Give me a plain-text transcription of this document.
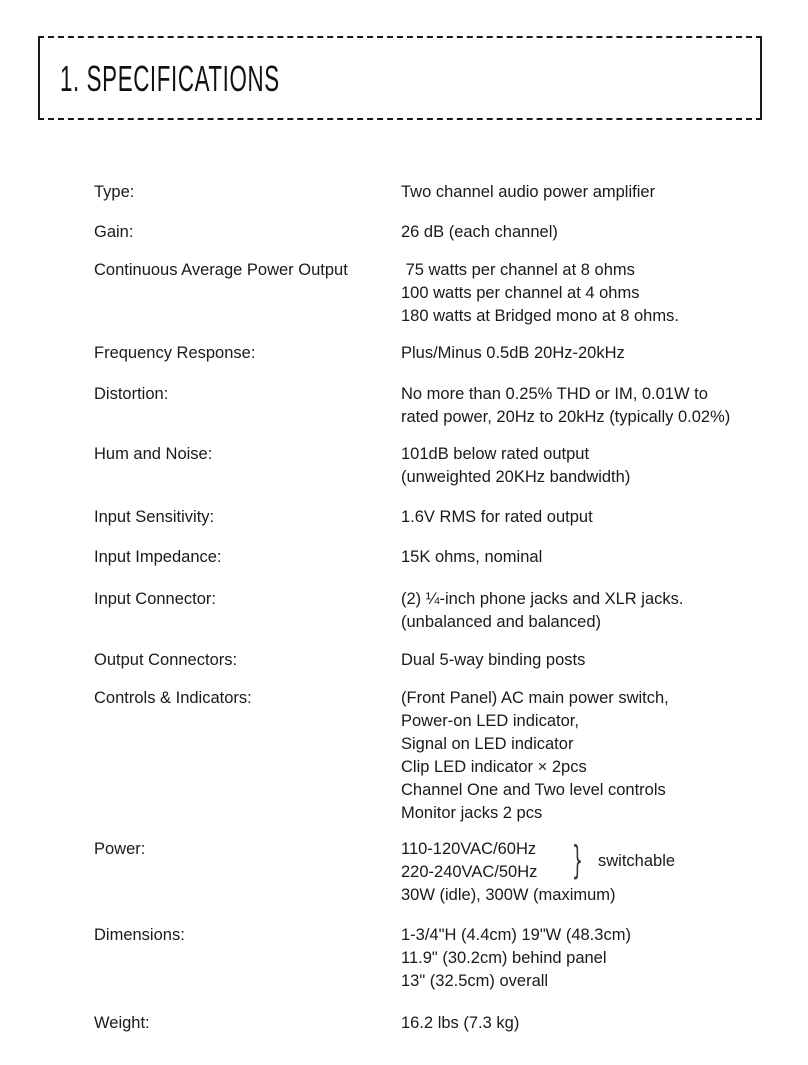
1. SPECIFICATIONS
Type:	Two channel audio power amplifier
Gain:	26 dB (each channel)
Continuous Average Power Output	75 watts per channel at 8 ohms
100 watts per channel at 4 ohms
180 watts at Bridged mono at 8 ohms.
Frequency Response:	Plus/Minus 0.5dB 20Hz-20kHz
Distortion:	No more than 0.25% THD or IM, 0.01W to
rated power, 20Hz to 20kHz (typically 0.02%)
Hum and Noise:	101dB below rated output
(unweighted 20KHz bandwidth)
Input Sensitivity:	1.6V RMS for rated output
Input Impedance:	15K ohms, nominal
Input Connector:	(2) ¼-inch phone jacks and XLR jacks.
(unbalanced and balanced)
Output Connectors:	Dual 5-way binding posts
Controls & Indicators:	(Front Panel) AC main power switch,
Power-on LED indicator,
Signal on LED indicator
Clip LED indicator × 2pcs
Channel One and Two level controls
Monitor jacks 2 pcs
Power:	110-120VAC/60Hz
220-240VAC/50Hz
30W (idle), 300W (maximum)
} switchable
Dimensions:	1-3/4"H (4.4cm) 19"W (48.3cm)
11.9" (30.2cm) behind panel
13" (32.5cm) overall
Weight:	16.2 lbs (7.3 kg)
